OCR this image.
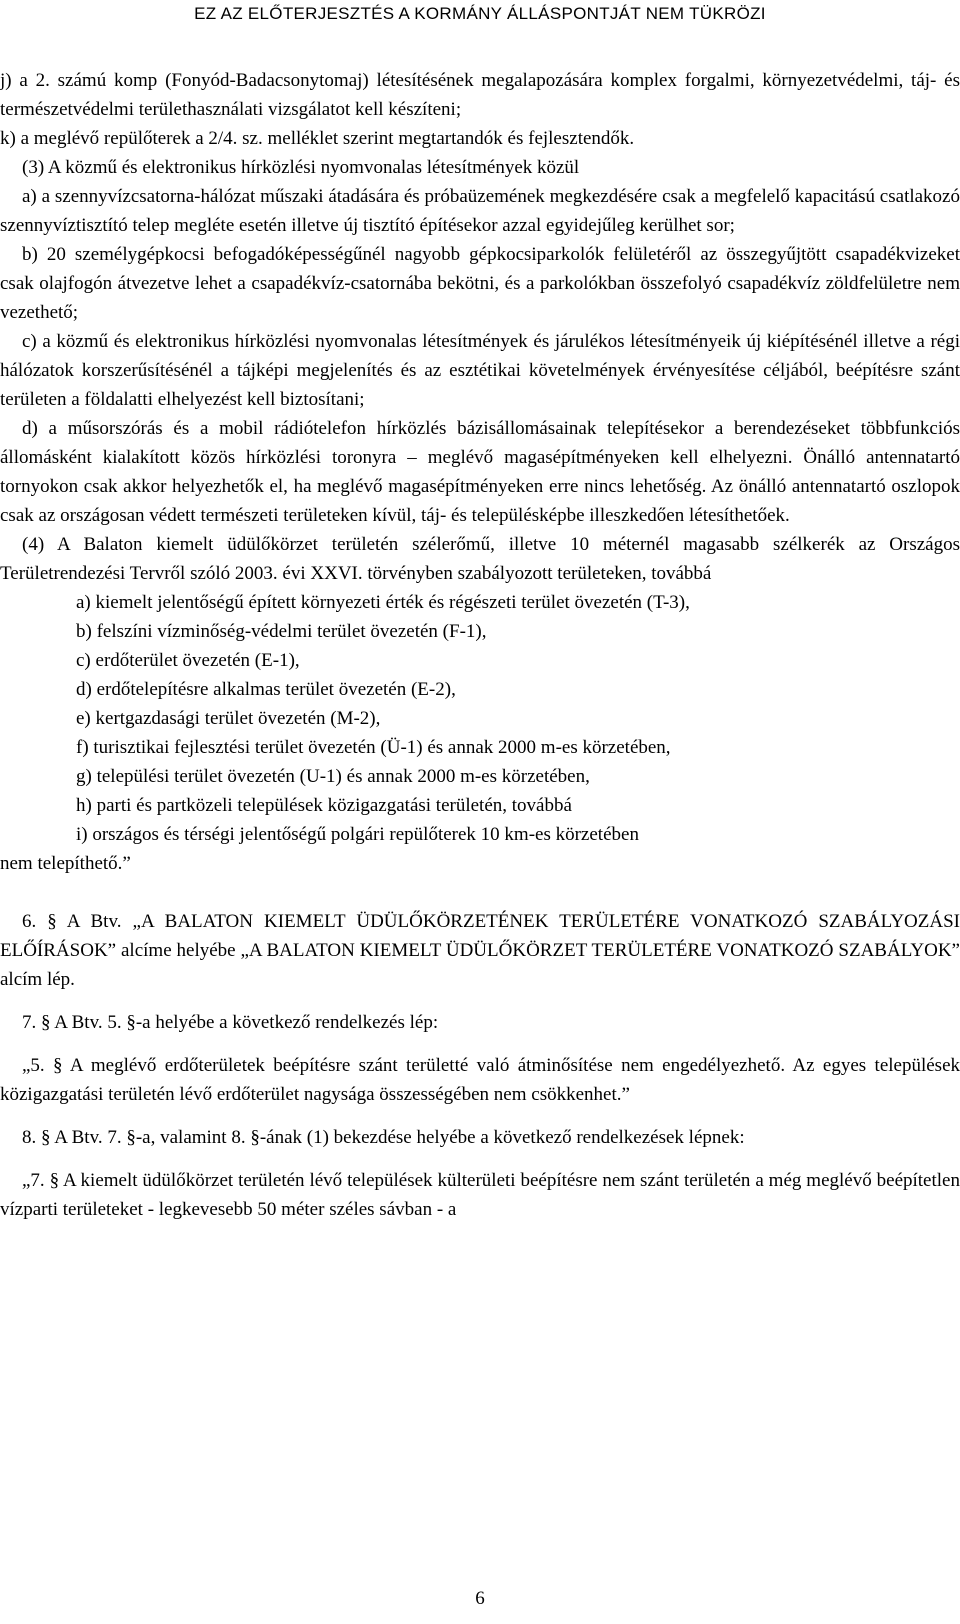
EZ AZ ELŐTERJESZTÉS A KORMÁNY ÁLLÁSPONTJÁT NEM TÜKRÖZI

j) a 2. számú komp (Fonyód-Badacsonytomaj) létesítésének megalapozására komplex forgalmi, környezetvédelmi, táj- és természetvédelmi területhasználati vizsgálatot kell készíteni;

k) a meglévő repülőterek a 2/4. sz. melléklet szerint megtartandók és fejlesztendők.

(3) A közmű és elektronikus hírközlési nyomvonalas létesítmények közül

a) a szennyvízcsatorna-hálózat műszaki átadására és próbaüzemének megkezdésére csak a megfelelő kapacitású csatlakozó szennyvíztisztító telep megléte esetén illetve új tisztító építésekor azzal egyidejűleg kerülhet sor;

b) 20 személygépkocsi befogadóképességűnél nagyobb gépkocsiparkolók felületéről az összegyűjtött csapadékvizeket csak olajfogón átvezetve lehet a csapadékvíz-csatornába bekötni, és a parkolókban összefolyó csapadékvíz zöldfelületre nem vezethető;

c) a közmű és elektronikus hírközlési nyomvonalas létesítmények és járulékos létesítményeik új kiépítésénél illetve a régi hálózatok korszerűsítésénél a tájképi megjelenítés és az esztétikai követelmények érvényesítése céljából, beépítésre szánt területen a földalatti elhelyezést kell biztosítani;

d) a műsorszórás és a mobil rádiótelefon hírközlés bázisállomásainak telepítésekor a berendezéseket többfunkciós állomásként kialakított közös hírközlési toronyra – meglévő magasépítményeken kell elhelyezni. Önálló antennatartó tornyokon csak akkor helyezhetők el, ha meglévő magasépítményeken erre nincs lehetőség. Az önálló antennatartó oszlopok csak az országosan védett természeti területeken kívül, táj- és településképbe illeszkedően létesíthetőek.

(4) A Balaton kiemelt üdülőkörzet területén szélerőmű, illetve 10 méternél magasabb szélkerék az Országos Területrendezési Tervről szóló 2003. évi XXVI. törvényben szabályozott területeken, továbbá

a) kiemelt jelentőségű épített környezeti érték és régészeti terület övezetén (T-3),

b) felszíni vízminőség-védelmi terület övezetén (F-1),

c) erdőterület övezetén (E-1),

d) erdőtelepítésre alkalmas terület övezetén (E-2),

e) kertgazdasági terület övezetén (M-2),

f) turisztikai fejlesztési terület övezetén (Ü-1) és annak 2000 m-es körzetében,

g) települési terület övezetén (U-1) és annak 2000 m-es körzetében,

h) parti és partközeli települések közigazgatási területén, továbbá

i) országos és térségi jelentőségű polgári repülőterek 10 km-es körzetében

nem telepíthető.”

6. § A Btv. „A BALATON KIEMELT ÜDÜLŐKÖRZETÉNEK TERÜLETÉRE VONATKOZÓ SZABÁLYOZÁSI ELŐÍRÁSOK” alcíme helyébe „A BALATON KIEMELT ÜDÜLŐKÖRZET TERÜLETÉRE VONATKOZÓ SZABÁLYOK” alcím lép.

7. § A Btv. 5. §-a helyébe a következő rendelkezés lép:

„5. § A meglévő erdőterületek beépítésre szánt területté való átminősítése nem engedélyezhető. Az egyes települések közigazgatási területén lévő erdőterület nagysága összességében nem csökkenhet.”

8. § A Btv. 7. §-a, valamint 8. §-ának (1) bekezdése helyébe a következő rendelkezések lépnek:

„7. § A kiemelt üdülőkörzet területén lévő települések külterületi beépítésre nem szánt területén a még meglévő beépítetlen vízparti területeket - legkevesebb 50 méter széles sávban - a

6
